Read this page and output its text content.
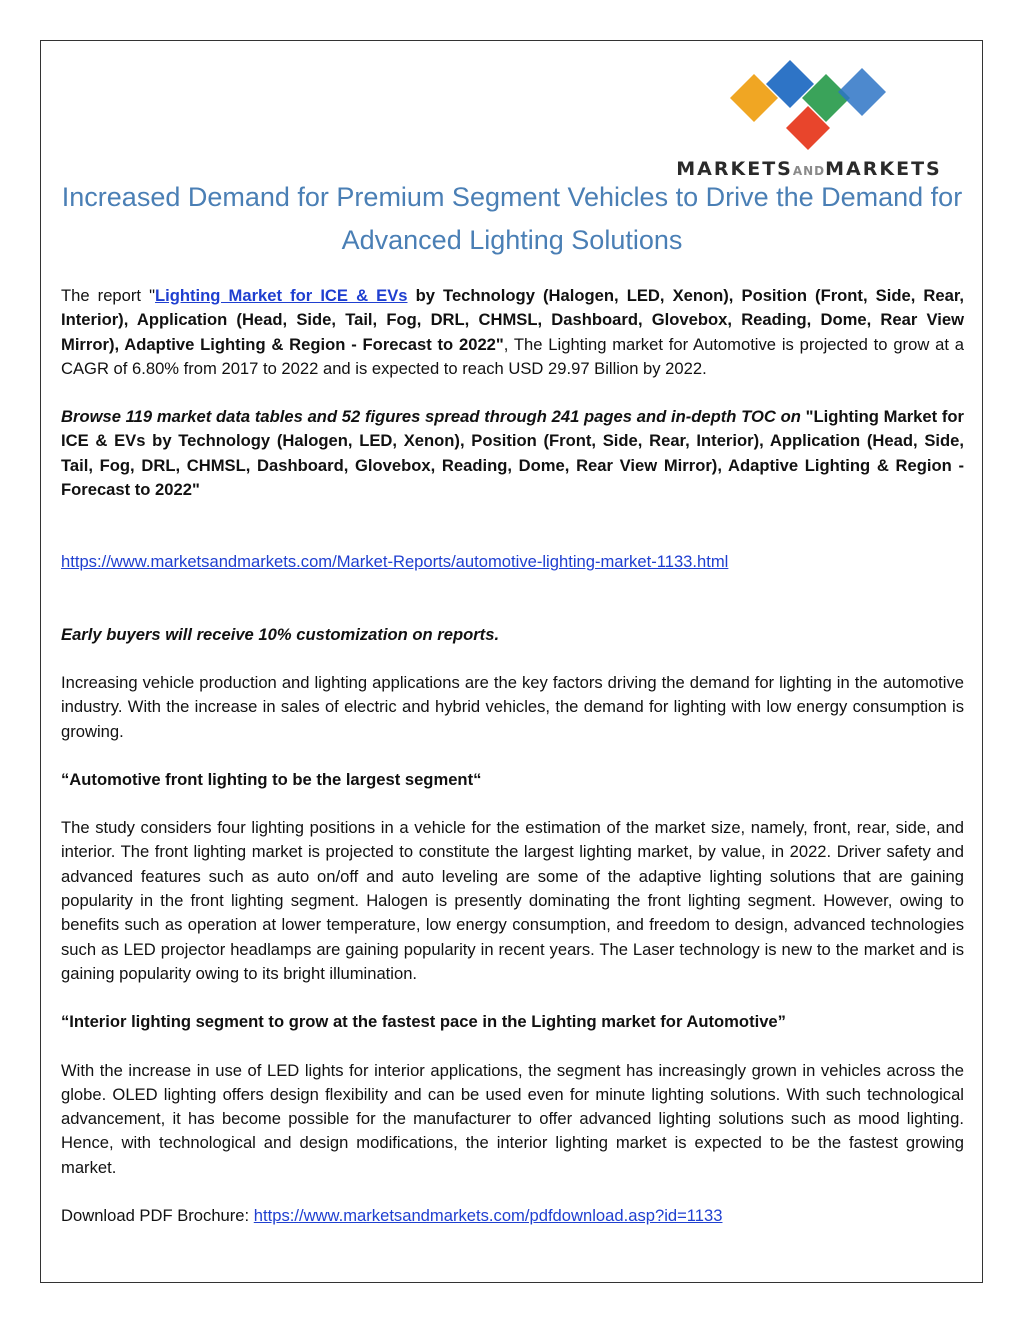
MARKETSANDMARKETS
Increased Demand for Premium Segment Vehicles to Drive the Demand for Advanced Lighting Solutions

The report "Lighting Market for ICE & EVs by Technology (Halogen, LED, Xenon), Position (Front, Side, Rear, Interior), Application (Head, Side, Tail, Fog, DRL, CHMSL, Dashboard, Glovebox, Reading, Dome, Rear View Mirror), Adaptive Lighting & Region - Forecast to 2022", The Lighting market for Automotive is projected to grow at a CAGR of 6.80% from 2017 to 2022 and is expected to reach USD 29.97 Billion by 2022.

Browse 119 market data tables and 52 figures spread through 241 pages and in-depth TOC on "Lighting Market for ICE & EVs by Technology (Halogen, LED, Xenon), Position (Front, Side, Rear, Interior), Application (Head, Side, Tail, Fog, DRL, CHMSL, Dashboard, Glovebox, Reading, Dome, Rear View Mirror), Adaptive Lighting & Region - Forecast to 2022"

https://www.marketsandmarkets.com/Market-Reports/automotive-lighting-market-1133.html

Early buyers will receive 10% customization on reports.

Increasing vehicle production and lighting applications are the key factors driving the demand for lighting in the automotive industry. With the increase in sales of electric and hybrid vehicles, the demand for lighting with low energy consumption is growing.

“Automotive front lighting to be the largest segment“

The study considers four lighting positions in a vehicle for the estimation of the market size, namely, front, rear, side, and interior. The front lighting market is projected to constitute the largest lighting market, by value, in 2022. Driver safety and advanced features such as auto on/off and auto leveling are some of the adaptive lighting solutions that are gaining popularity in the front lighting segment. Halogen is presently dominating the front lighting segment. However, owing to benefits such as operation at lower temperature, low energy consumption, and freedom to design, advanced technologies such as LED projector headlamps are gaining popularity in recent years. The Laser technology is new to the market and is gaining popularity owing to its bright illumination.

“Interior lighting segment to grow at the fastest pace in the Lighting market for Automotive”

With the increase in use of LED lights for interior applications, the segment has increasingly grown in vehicles across the globe. OLED lighting offers design flexibility and can be used even for minute lighting solutions. With such technological advancement, it has become possible for the manufacturer to offer advanced lighting solutions such as mood lighting. Hence, with technological and design modifications, the interior lighting market is expected to be the fastest growing market.

Download PDF Brochure: https://www.marketsandmarkets.com/pdfdownload.asp?id=1133
